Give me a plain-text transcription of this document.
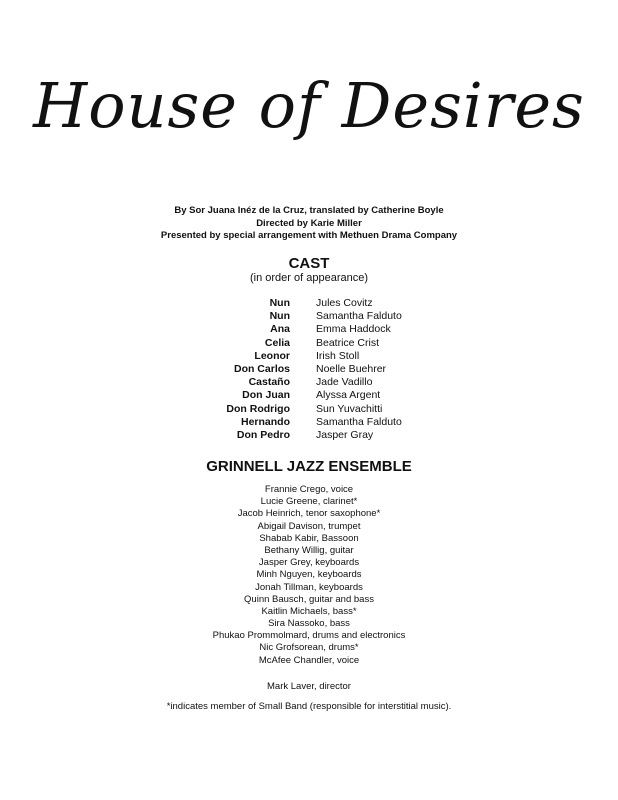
House of Desires
By Sor Juana Inéz de la Cruz, translated by Catherine Boyle
Directed by Karie Miller
Presented by special arrangement with Methuen Drama Company
CAST
(in order of appearance)
Nun Jules Covitz
Nun Samantha Falduto
Ana Emma Haddock
Celia Beatrice Crist
Leonor Irish Stoll
Don Carlos Noelle Buehrer
Castaño Jade Vadillo
Don Juan Alyssa Argent
Don Rodrigo Sun Yuvachitti
Hernando Samantha Falduto
Don Pedro Jasper Gray
GRINNELL JAZZ ENSEMBLE
Frannie Crego, voice
Lucie Greene, clarinet*
Jacob Heinrich, tenor saxophone*
Abigail Davison, trumpet
Shabab Kabir, Bassoon
Bethany Willig, guitar
Jasper Grey, keyboards
Minh Nguyen, keyboards
Jonah Tillman, keyboards
Quinn Bausch, guitar and bass
Kaitlin Michaels, bass*
Sira Nassoko, bass
Phukao Prommolmard, drums and electronics
Nic Grofsorean, drums*
McAfee Chandler, voice
Mark Laver, director
*indicates member of Small Band (responsible for interstitial music).
